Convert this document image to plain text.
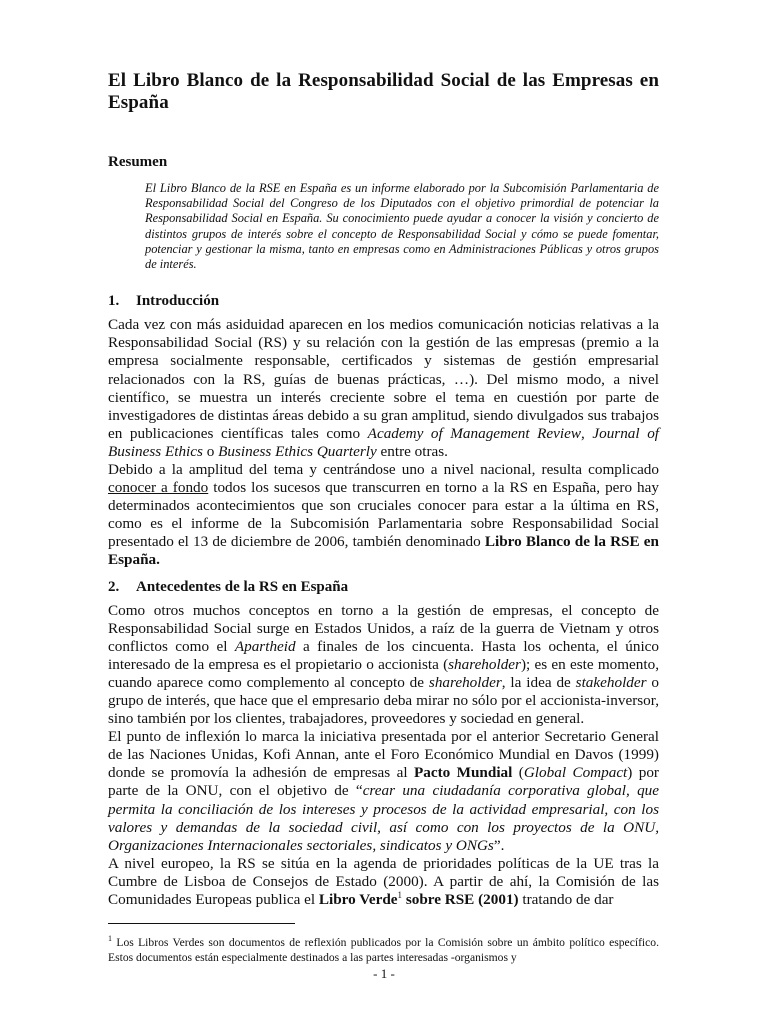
El Libro Blanco de la Responsabilidad Social de las Empresas en España
Resumen

El Libro Blanco de la RSE en España es un informe elaborado por la Subcomisión Parlamentaria de Responsabilidad Social del Congreso de los Diputados con el objetivo primordial de potenciar la Responsabilidad Social en España. Su conocimiento puede ayudar a conocer la visión y concierto de distintos grupos de interés sobre el concepto de Responsabilidad Social y cómo se puede fomentar, potenciar y gestionar la misma, tanto en empresas como en Administraciones Públicas y otros grupos de interés.

1. Introducción

Cada vez con más asiduidad aparecen en los medios comunicación noticias relativas a la Responsabilidad Social (RS) y su relación con la gestión de las empresas (premio a la empresa socialmente responsable, certificados y sistemas de gestión empresarial relacionados con la RS, guías de buenas prácticas, …). Del mismo modo, a nivel científico, se muestra un interés creciente sobre el tema en cuestión por parte de investigadores de distintas áreas debido a su gran amplitud, siendo divulgados sus trabajos en publicaciones científicas tales como Academy of Management Review, Journal of Business Ethics o Business Ethics Quarterly entre otras.

Debido a la amplitud del tema y centrándose uno a nivel nacional, resulta complicado conocer a fondo todos los sucesos que transcurren en torno a la RS en España, pero hay determinados acontecimientos que son cruciales conocer para estar a la última en RS, como es el informe de la Subcomisión Parlamentaria sobre Responsabilidad Social presentado el 13 de diciembre de 2006, también denominado Libro Blanco de la RSE en España.

2. Antecedentes de la RS en España

Como otros muchos conceptos en torno a la gestión de empresas, el concepto de Responsabilidad Social surge en Estados Unidos, a raíz de la guerra de Vietnam y otros conflictos como el Apartheid a finales de los cincuenta. Hasta los ochenta, el único interesado de la empresa es el propietario o accionista (shareholder); es en este momento, cuando aparece como complemento al concepto de shareholder, la idea de stakeholder o grupo de interés, que hace que el empresario deba mirar no sólo por el accionista-inversor, sino también por los clientes, trabajadores, proveedores y sociedad en general.

El punto de inflexión lo marca la iniciativa presentada por el anterior Secretario General de las Naciones Unidas, Kofi Annan, ante el Foro Económico Mundial en Davos (1999) donde se promovía la adhesión de empresas al Pacto Mundial (Global Compact) por parte de la ONU, con el objetivo de “crear una ciudadanía corporativa global, que permita la conciliación de los intereses y procesos de la actividad empresarial, con los valores y demandas de la sociedad civil, así como con los proyectos de la ONU, Organizaciones Internacionales sectoriales, sindicatos y ONGs”.

A nivel europeo, la RS se sitúa en la agenda de prioridades políticas de la UE tras la Cumbre de Lisboa de Consejos de Estado (2000). A partir de ahí, la Comisión de las Comunidades Europeas publica el Libro Verde$^1$ sobre RSE (2001) tratando de dar

$^1$ Los Libros Verdes son documentos de reflexión publicados por la Comisión sobre un ámbito político específico. Estos documentos están especialmente destinados a las partes interesadas -organismos y

- 1 -
